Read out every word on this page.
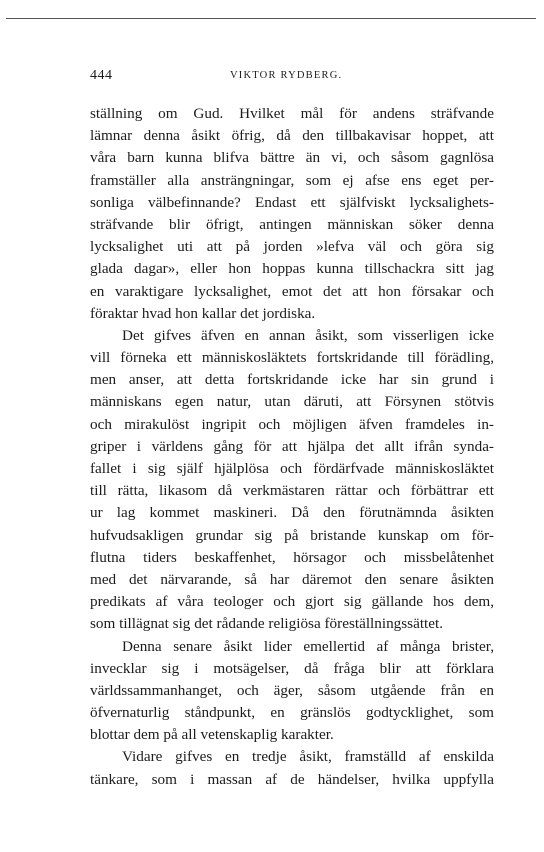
444	VIKTOR RYDBERG.
ställning om Gud. Hvilket mål för andens sträfvande
lämnar denna åsikt öfrig, då den tillbakavisar hoppet, att
våra barn kunna blifva bättre än vi, och såsom gagnlösa
framställer alla ansträngningar, som ej afse ens eget per-
sonliga välbefinnande? Endast ett själfviskt lycksalighets-
sträfvande blir öfrigt, antingen människan söker denna
lycksalighet uti att på jorden »lefva väl och göra sig
glada dagar», eller hon hoppas kunna tillschackra sitt jag
en varaktigare lycksalighet, emot det att hon försakar och
föraktar hvad hon kallar det jordiska.
Det gifves äfven en annan åsikt, som visserligen icke
vill förneka ett människosläktets fortskridande till förädling,
men anser, att detta fortskridande icke har sin grund i
människans egen natur, utan däruti, att Försynen stötvis
och mirakulöst ingripit och möjligen äfven framdeles in-
griper i världens gång för att hjälpa det allt ifrån synda-
fallet i sig själf hjälplösa och fördärfvade människosläktet
till rätta, likasom då verkmästaren rättar och förbättrar ett
ur lag kommet maskineri. Då den förutnämnda åsikten
hufvudsakligen grundar sig på bristande kunskap om för-
flutna tiders beskaffenhet, hörsagor och missbelåtenhet
med det närvarande, så har däremot den senare åsikten
predikats af våra teologer och gjort sig gällande hos dem,
som tillägnat sig det rådande religiösa föreställningssättet.
Denna senare åsikt lider emellertid af många brister,
invecklar sig i motsägelser, då fråga blir att förklara
världssammanhanget, och äger, såsom utgående från en
öfvernaturlig ståndpunkt, en gränslös godtycklighet, som
blottar dem på all vetenskaplig karakter.
Vidare gifves en tredje åsikt, framställd af enskilda
tänkare, som i massan af de händelser, hvilka uppfylla
